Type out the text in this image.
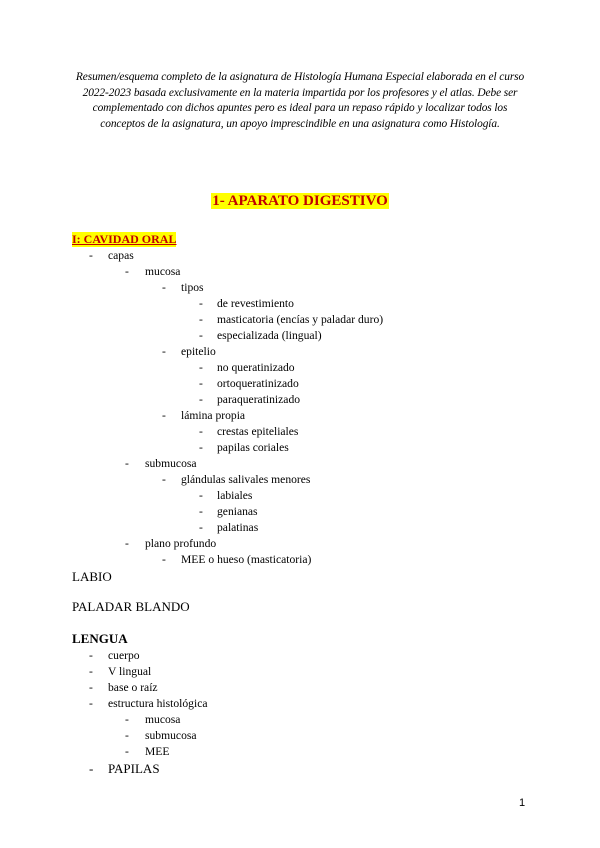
Resumen/esquema completo de la asignatura de Histología Humana Especial elaborada en el curso 2022-2023 basada exclusivamente en la materia impartida por los profesores y el atlas. Debe ser complementado con dichos apuntes pero es ideal para un repaso rápido y localizar todos los conceptos de la asignatura, un apoyo imprescindible en una asignatura como Histología.

1- APARATO DIGESTIVO
I: CAVIDAD ORAL
- capas
- mucosa
- tipos
- de revestimiento
- masticatoria (encías y paladar duro)
- especializada (lingual)
- epitelio
- no queratinizado
- ortoqueratinizado
- paraqueratinizado
- lámina propia
- crestas epiteliales
- papilas coriales
- submucosa
- glándulas salivales menores
- labiales
- genianas
- palatinas
- plano profundo
- MEE o hueso (masticatoria)
LABIO
PALADAR BLANDO
LENGUA
- cuerpo
- V lingual
- base o raíz
- estructura histológica
- mucosa
- submucosa
- MEE
- PAPILAS
1
